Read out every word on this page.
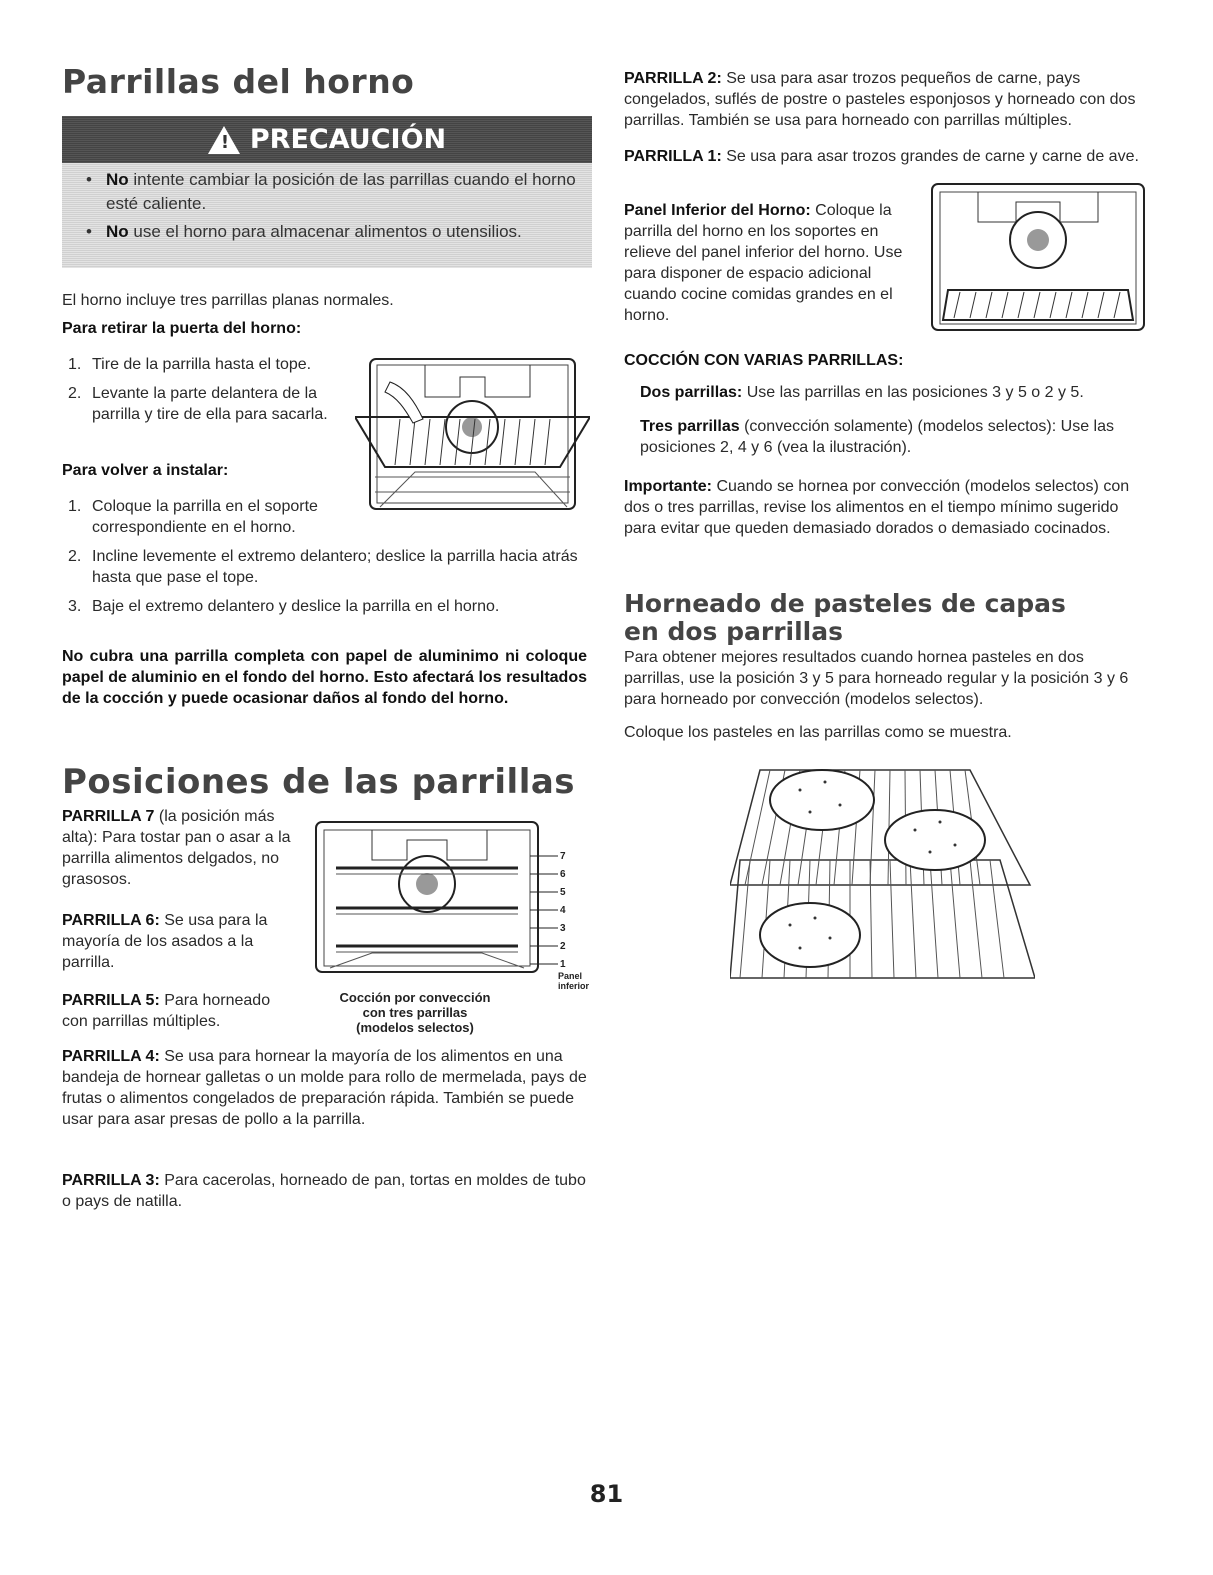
Parrillas del horno
! PRECAUCIÓN
• No intente cambiar la posición de las parrillas cuando el horno esté caliente.
• No use el horno para almacenar alimentos o utensilios.
El horno incluye tres parrillas planas normales.
Para retirar la puerta del horno:
1. Tire de la parrilla hasta el tope.
2. Levante la parte delantera de la parrilla y tire de ella para sacarla.
Para volver a instalar:
1. Coloque la parrilla en el soporte correspondiente en el horno.
2. Incline levemente el extremo delantero; deslice la parrilla hacia atrás hasta que pase el tope.
3. Baje el extremo delantero y deslice la parrilla en el horno.
No cubra una parrilla completa con papel de aluminimo ni coloque papel de aluminio en el fondo del horno. Esto afectará los resultados de la cocción y puede ocasionar daños al fondo del horno.
Posiciones de las parrillas
PARRILLA 7 (la posición más alta): Para tostar pan o asar a la parrilla alimentos delgados, no grasosos.
PARRILLA 6: Se usa para la mayoría de los asados a la parrilla.
PARRILLA 5: Para horneado con parrillas múltiples.
PARRILLA 4: Se usa para hornear la mayoría de los alimentos en una bandeja de hornear galletas o un molde para rollo de mermelada, pays de frutas o alimentos congelados de preparación rápida. También se puede usar para asar presas de pollo a la parrilla.
PARRILLA 3: Para cacerolas, horneado de pan, tortas en moldes de tubo o pays de natilla.
7
6
5
4
3
2
1
Panel
inferior
Cocción por convección
con tres parrillas
(modelos selectos)
PARRILLA 2: Se usa para asar trozos pequeños de carne, pays congelados, suflés de postre o pasteles esponjosos y horneado con dos parrillas. También se usa para horneado con parrillas múltiples.
PARRILLA 1: Se usa para asar trozos grandes de carne y carne de ave.
Panel Inferior del Horno: Coloque la parrilla del horno en los soportes en relieve del panel inferior del horno. Use para disponer de espacio adicional cuando cocine comidas grandes en el horno.
COCCIÓN CON VARIAS PARRILLAS:
Dos parrillas: Use las parrillas en las posiciones 3 y 5 o 2 y 5.
Tres parrillas (convección solamente) (modelos selectos): Use las posiciones 2, 4 y 6 (vea la ilustración).
Importante: Cuando se hornea por convección (modelos selectos) con dos o tres parrillas, revise los alimentos en el tiempo mínimo sugerido para evitar que queden demasiado dorados o demasiado cocinados.
Horneado de pasteles de capas
en dos parrillas
Para obtener mejores resultados cuando hornea pasteles en dos parrillas, use la posición 3 y 5 para horneado regular y la posición 3 y 6 para horneado por convección (modelos selectos).
Coloque los pasteles en las parrillas como se muestra.
81
